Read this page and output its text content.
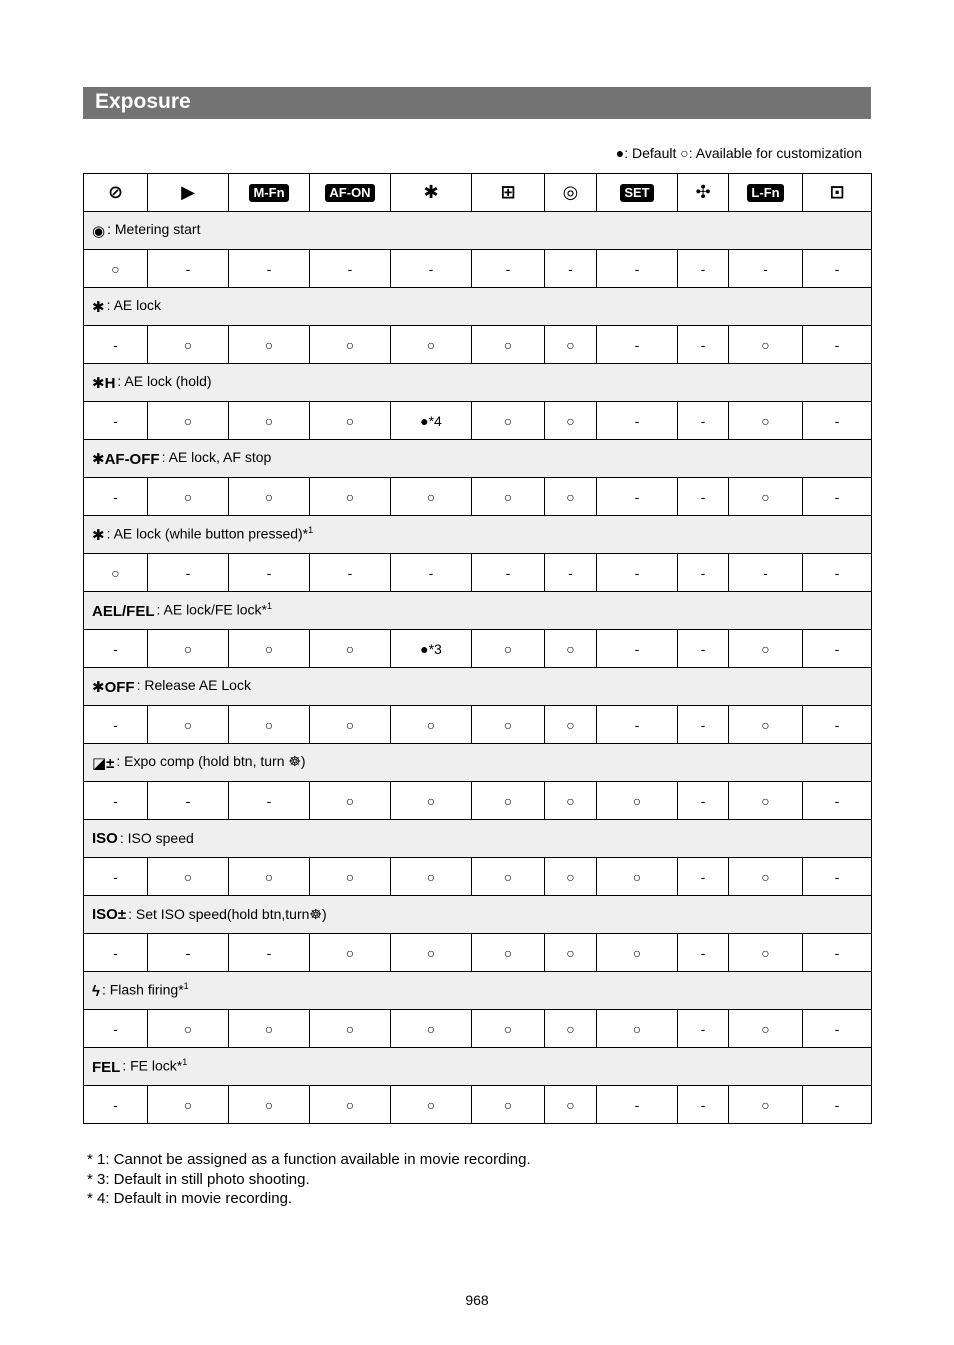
Exposure
●: Default ○: Available for customization
⊘	▶	M-Fn	AF-ON	✱	⊞	◎	SET	✣	L-Fn	⊡
◉ : Metering start										
○	-	-	-	-	-	-	-	-	-	-
✱ : AE lock										
-	○	○	○	○	○	○	-	-	○	-
✱H : AE lock (hold)										
-	○	○	○	●*4	○	○	-	-	○	-
✱AF-OFF : AE lock, AF stop										
-	○	○	○	○	○	○	-	-	○	-
✱ : AE lock (while button pressed)*$^1$
○	-	-	-	-	-	-	-	-	-	-
AEL/FEL : AE lock/FE lock*$^1$
-	○	○	○	●*3	○	○	-	-	○	-
✱OFF : Release AE Lock										
-	○	○	○	○	○	○	-	-	○	-
◪± : Expo comp (hold btn, turn ☸)										
-	-	-	○	○	○	○	○	-	○	-
ISO : ISO speed										
-	○	○	○	○	○	○	○	-	○	-
ISO± : Set ISO speed(hold btn,turn☸)										
-	-	-	○	○	○	○	○	-	○	-
ϟ : Flash firing*$^1$
-	○	○	○	○	○	○	○	-	○	-
FEL : FE lock*$^1$
-	○	○	○	○	○	○	-	-	○	-
* 1: Cannot be assigned as a function available in movie recording.
* 3: Default in still photo shooting.
* 4: Default in movie recording.
968
